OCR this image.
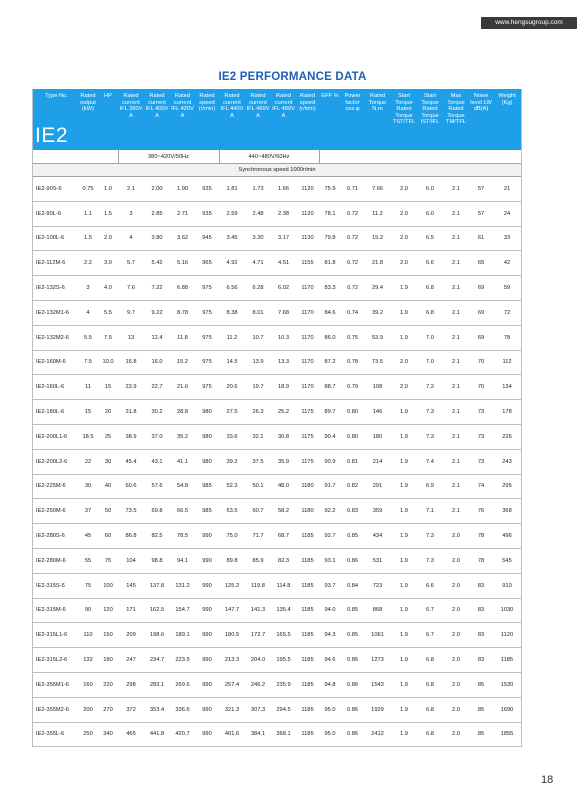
www.hengsugroup.com
IE2 PERFORMANCE DATA
Type No.
IE2	Rated output (kW)	HP	Rated current IFL 380V A	Rated current IFL 400V A	Rated current IFL 420V A	Rated speed (r/min)	Rated current IFL 440V A	Rated current IFL 460V A	Rated current IFL 480V A	Rated speed (r/min)	EFF %	Power factor cos φ	Rated Torque N.m	Start Torque Rated Torque TST/TFL	Start Torque Rated Torque IST/IFL	Max Torque Rated Torque TM/TFL	Noise level LW dB(A)	Weight (Kg)
			380~420V/50Hz				440~480V/60Hz											
Synchronous speed 1000r/min																		
IE2-90S-6	0.75	1.0	2.1	2.00	1.90	935	1.81	1.73	1.66	1120	75.9	0.71	7.66	2.0	6.0	2.1	57	21
IE2-90L-6	1.1	1.5	3	2.85	2.71	935	2.59	2.48	2.38	1120	78.1	0.72	11.2	2.0	6.0	2.1	57	24
IE2-100L-6	1.5	2.0	4	3.80	3.62	945	3.45	3.30	3.17	1130	79.8	0.72	15.2	2.0	6.5	2.1	61	33
IE2-112M-6	2.2	3.0	5.7	5.42	5.16	965	4.92	4.71	4.51	1155	81.8	0.72	21.8	2.0	6.6	2.1	65	42
IE2-132S-6	3	4.0	7.6	7.22	6.88	975	6.56	6.28	6.02	1170	83.3	0.72	29.4	1.9	6.8	2.1	69	59
IE2-132M1-6	4	5.5	9.7	9.22	8.78	975	8.38	8.01	7.68	1170	84.6	0.74	39.2	1.9	6.8	2.1	69	72
IE2-132M2-6	5.5	7.5	13	12.4	11.8	975	11.2	10.7	10.3	1170	86.0	0.75	53.9	1.9	7.0	2.1	69	78
IE2-160M-6	7.5	10.0	16.8	16.0	15.2	975	14.5	13.9	13.3	1170	87.2	0.78	73.5	2.0	7.0	2.1	70	112
IE2-160L-6	11	15	23.9	22.7	21.6	975	20.6	19.7	18.9	1170	88.7	0.79	108	2.0	7.2	2.1	70	134
IE2-180L-6	15	20	31.8	30.2	28.8	980	27.5	26.3	25.2	1175	89.7	0.80	146	1.9	7.3	2.1	73	178
IE2-200L1-6	18.5	25	38.9	37.0	35.2	980	33.6	32.1	30.8	1175	90.4	0.80	180	1.9	7.3	2.1	73	226
IE2-200L2-6	22	30	45.4	43.1	41.1	980	39.2	37.5	35.9	1175	90.9	0.81	214	1.9	7.4	2.1	73	243
IE2-225M-6	30	40	60.6	57.6	54.8	985	52.3	50.1	48.0	1180	91.7	0.82	291	1.9	6.9	2.1	74	295
IE2-250M-6	37	50	73.5	69.8	66.5	985	63.5	60.7	58.2	1180	92.2	0.83	359	1.9	7.1	2.1	76	368
IE2-280S-6	45	60	86.8	82.5	78.5	990	75.0	71.7	68.7	1185	92.7	0.85	434	1.9	7.3	2.0	78	496
IE2-280M-6	55	75	104	98.8	94.1	990	89.8	85.9	82.3	1185	93.1	0.86	531	1.9	7.3	2.0	78	545
IE2-315S-6	75	100	145	137.8	131.2	990	125.2	119.8	114.8	1185	93.7	0.84	723	1.9	6.6	2.0	83	910
IE2-315M-6	90	120	171	162.5	154.7	990	147.7	141.3	135.4	1185	94.0	0.85	868	1.9	6.7	2.0	83	1030
IE2-315L1-6	110	150	209	198.6	189.1	990	180.5	172.7	165.5	1185	94.3	0.85	1061	1.9	6.7	2.0	83	1120
IE2-315L2-6	132	180	247	234.7	223.5	990	213.3	204.0	195.5	1185	94.6	0.86	1273	1.9	6.8	2.0	83	1185
IE2-355M1-6	160	220	298	283.1	269.6	990	257.4	246.2	235.9	1185	94.8	0.86	1543	1.9	6.8	2.0	85	1530
IE2-355M2-6	200	270	372	353.4	336.6	990	321.3	307.3	294.5	1185	95.0	0.86	1929	1.9	6.8	2.0	85	1690
IE2-355L-6	250	340	465	441.8	420.7	990	401.6	384.1	368.1	1185	95.0	0.86	2412	1.9	6.8	2.0	85	1855
18
